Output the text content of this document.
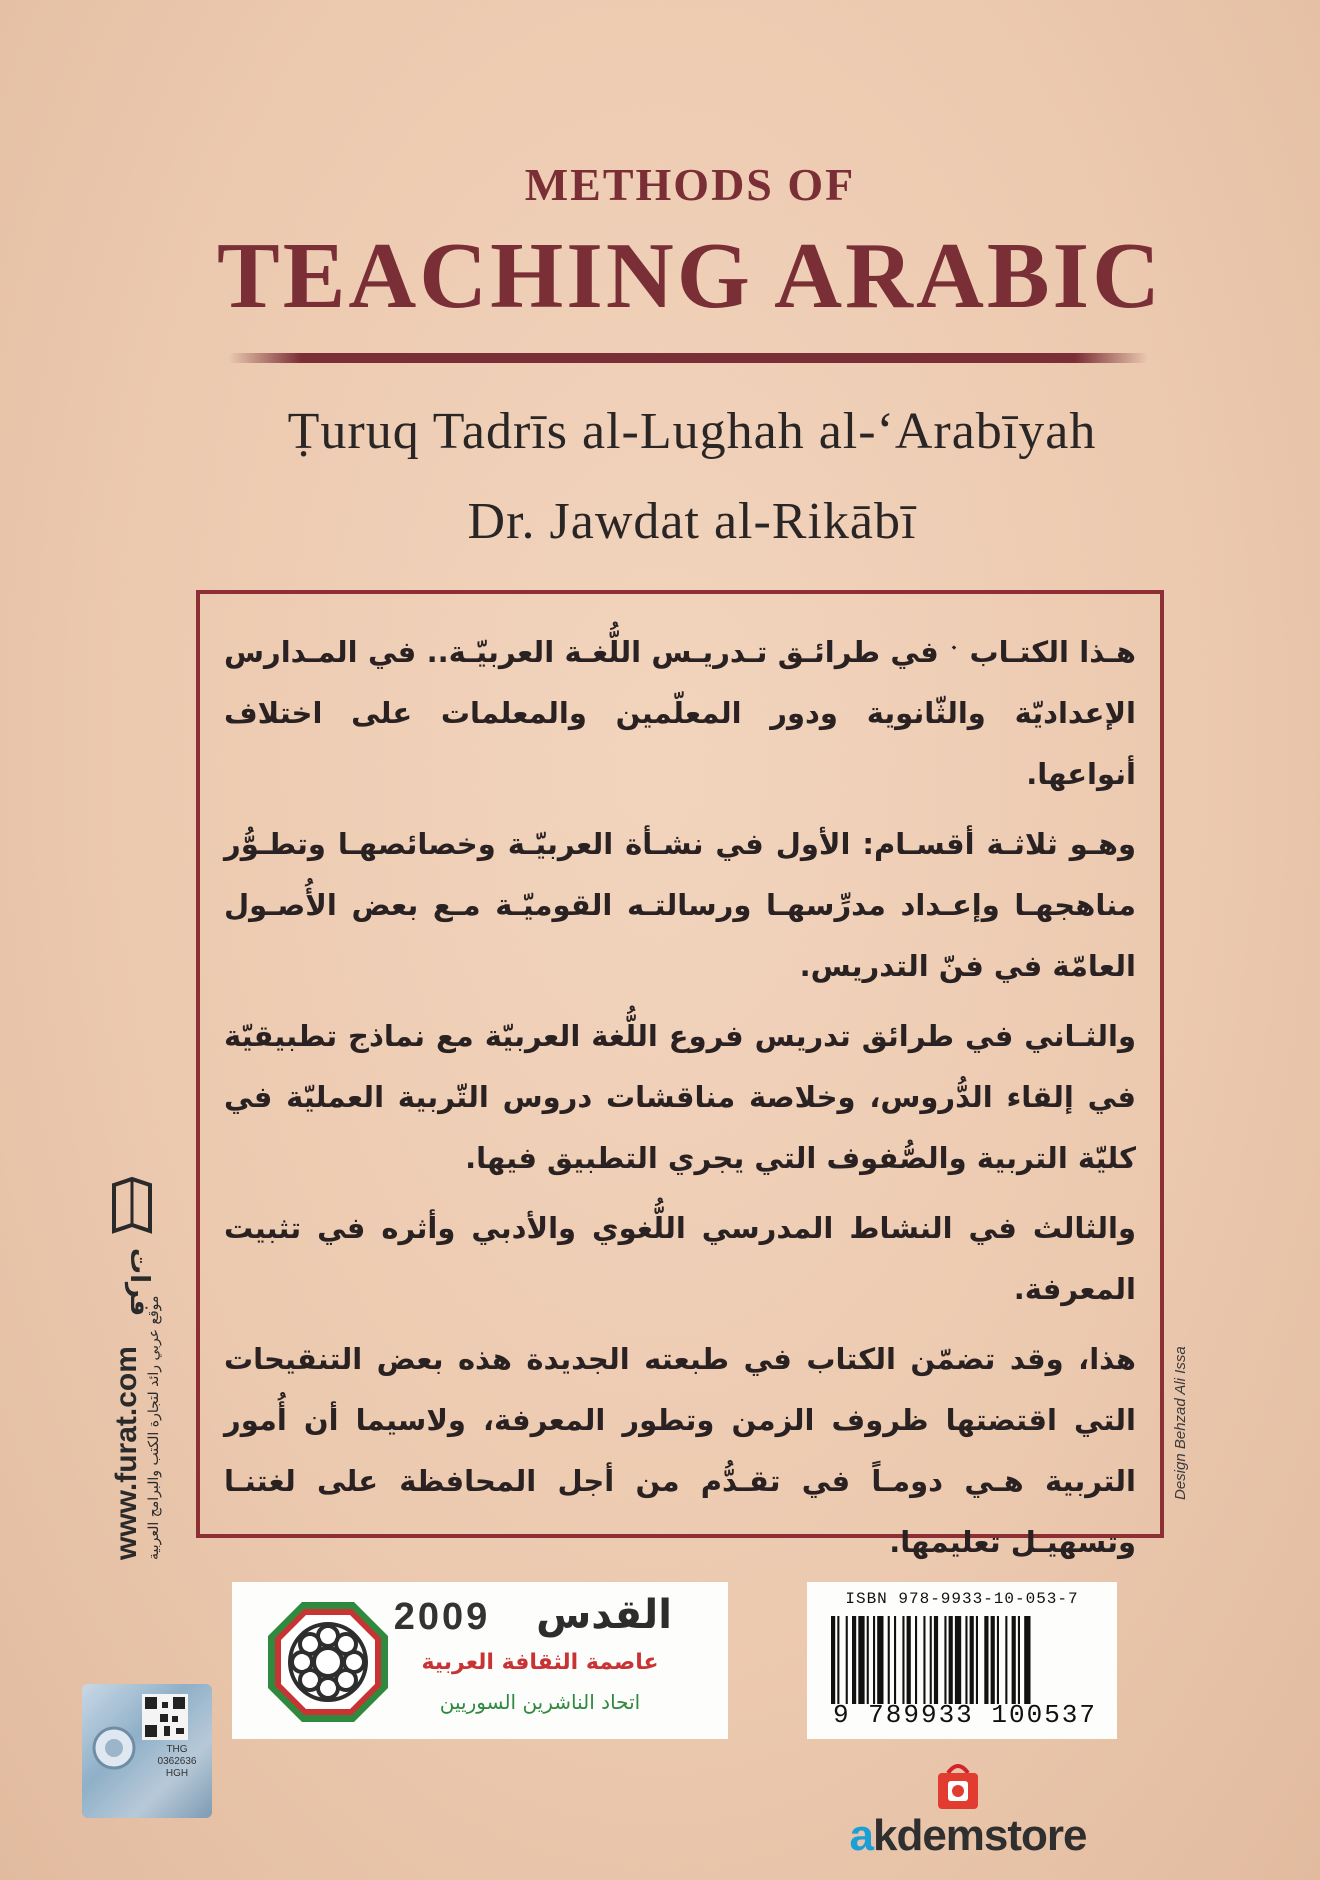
METHODS OF
TEACHING ARABIC
Ṭuruq Tadrīs al-Lughah al-ʻArabīyah
Dr. Jawdat al-Rikābī

هـذا الكتـاب ﮲ في طرائـق تـدريـس اللُّغـة العربيّـة.. في المـدارس الإعداديّة والثّانوية ودور المعلّمين والمعلمات على اختلاف أنواعها.

وهـو ثلاثـة أقسـام: الأول في نشـأة العربيّـة وخصائصهـا وتطـوُّر مناهجهـا وإعـداد مدرِّسهـا ورسالتـه القوميّـة مـع بعض الأُصـول العامّة في فنّ التدريس.

والثـاني في طرائق تدريس فروع اللُّغة العربيّة مع نماذج تطبيقيّة في إلقاء الدُّروس، وخلاصة مناقشات دروس التّربية العمليّة في كليّة التربية والصُّفوف التي يجري التطبيق فيها.

والثالث في النشاط المدرسي اللُّغوي والأدبي وأثره في تثبيت المعرفة.

هذا، وقد تضمّن الكتاب في طبعته الجديدة هذه بعض التنقيحات التي اقتضتها ظروف الزمن وتطور المعرفة، ولاسيما أن أُمور التربية هـي دومـاً في تقـدُّم من أجل المحافظة على لغتنـا وتسهيـل تعليمها.

www.furat.com موقع عربي رائد لتجارة الكتب والبرامج العربية
فرات
Design Behzad Ali Issa
2009	القدس
عاصمة الثقافة العربية
اتحاد الناشرين السوريين
ISBN 978-9933-10-053-7
9 789933 100537
THG 0362636 HGH
akdemstore
